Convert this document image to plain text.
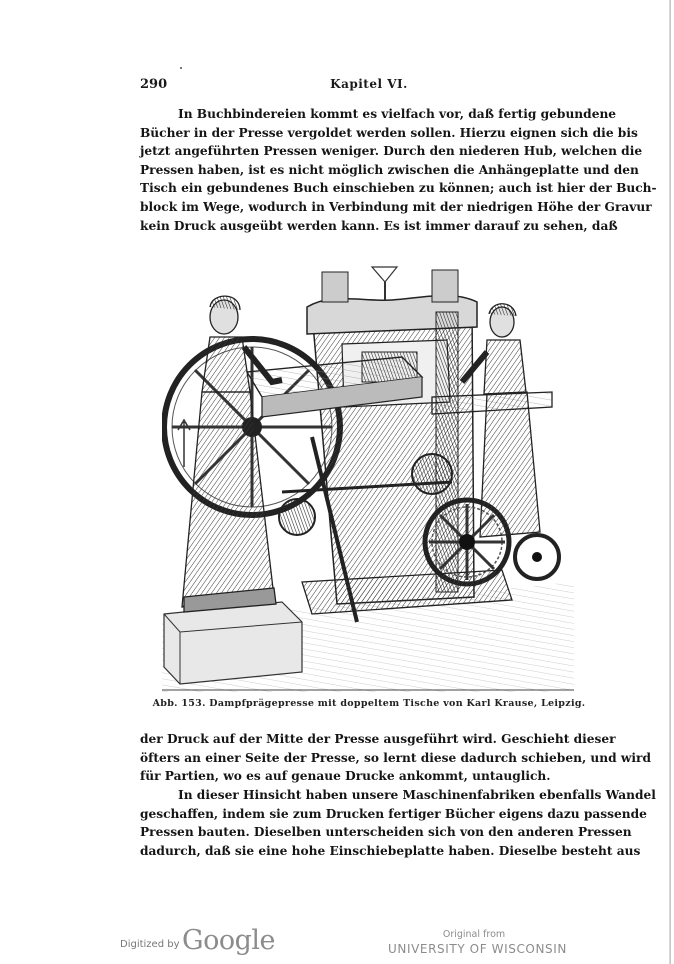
290	Kapitel VI.
In Buchbindereien kommt es vielfach vor, daß fertig gebundene
Bücher in der Presse vergoldet werden sollen. Hierzu eignen sich die bis
jetzt angeführten Pressen weniger. Durch den niederen Hub, welchen die
Pressen haben, ist es nicht möglich zwischen die Anhängeplatte und den
Tisch ein gebundenes Buch einschieben zu können; auch ist hier der Buch-
block im Wege, wodurch in Verbindung mit der niedrigen Höhe der Gravur
kein Druck ausgeübt werden kann. Es ist immer darauf zu sehen, daß
Abb. 153. Dampfprägepresse mit doppeltem Tische von Karl Krause, Leipzig.
der Druck auf der Mitte der Presse ausgeführt wird. Geschieht dieser
öfters an einer Seite der Presse, so lernt diese dadurch schieben, und wird
für Partien, wo es auf genaue Drucke ankommt, untauglich.
In dieser Hinsicht haben unsere Maschinenfabriken ebenfalls Wandel
geschaffen, indem sie zum Drucken fertiger Bücher eigens dazu passende
Pressen bauten. Dieselben unterscheiden sich von den anderen Pressen
dadurch, daß sie eine hohe Einschiebeplatte haben. Dieselbe besteht aus
Digitized by Google	Original from
UNIVERSITY OF WISCONSIN
